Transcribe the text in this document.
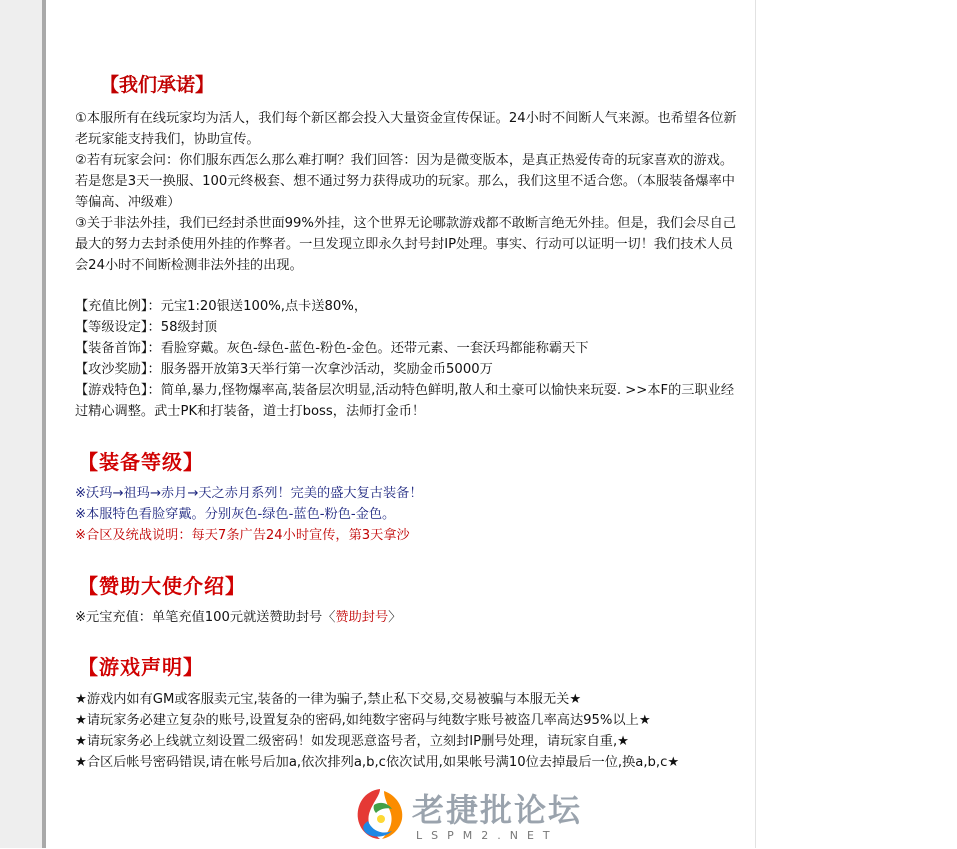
【我们承诺】
①本服所有在线玩家均为活人，我们每个新区都会投入大量资金宣传保证。24小时不间断人气来源。也希望各位新老玩家能支持我们，协助宣传。
②若有玩家会问：你们服东西怎么那么难打啊？我们回答：因为是微变版本，是真正热爱传奇的玩家喜欢的游戏。若是您是3天一换服、100元终极套、想不通过努力获得成功的玩家。那么，我们这里不适合您。（本服装备爆率中等偏高、冲级难）
③关于非法外挂，我们已经封杀世面99%外挂，这个世界无论哪款游戏都不敢断言绝无外挂。但是，我们会尽自己最大的努力去封杀使用外挂的作弊者。一旦发现立即永久封号封IP处理。事实、行动可以证明一切！我们技术人员会24小时不间断检测非法外挂的出现。
【充值比例】：元宝1:20银送100%,点卡送80%，
【等级设定】：58级封顶
【装备首饰】：看脸穿戴。灰色-绿色-蓝色-粉色-金色。还带元素、一套沃玛都能称霸天下
【攻沙奖励】：服务器开放第3天举行第一次拿沙活动，奖励金币5000万
【游戏特色】：简单,暴力,怪物爆率高,装备层次明显,活动特色鲜明,散人和土豪可以愉快来玩耍. >>本F的三职业经过精心调整。武士PK和打装备，道士打boss，法师打金币！
【装备等级】
※沃玛→祖玛→赤月→天之赤月系列！完美的盛大复古装备！
※本服特色看脸穿戴。分别灰色-绿色-蓝色-粉色-金色。
※合区及统战说明：每天7条广告24小时宣传，第3天拿沙
【赞助大使介绍】
※元宝充值：单笔充值100元就送赞助封号〈赞助封号〉
【游戏声明】
★游戏内如有GM或客服卖元宝,装备的一律为骗子,禁止私下交易,交易被骗与本服无关★
★请玩家务必建立复杂的账号,设置复杂的密码,如纯数字密码与纯数字账号被盗几率高达95%以上★
★请玩家务必上线就立刻设置二级密码！如发现恶意盗号者，立刻封IP删号处理，请玩家自重,★
★合区后帐号密码错误,请在帐号后加a,依次排列a,b,c依次试用,如果帐号满10位去掉最后一位,换a,b,c★
老捷批论坛
LSPM2.NET
